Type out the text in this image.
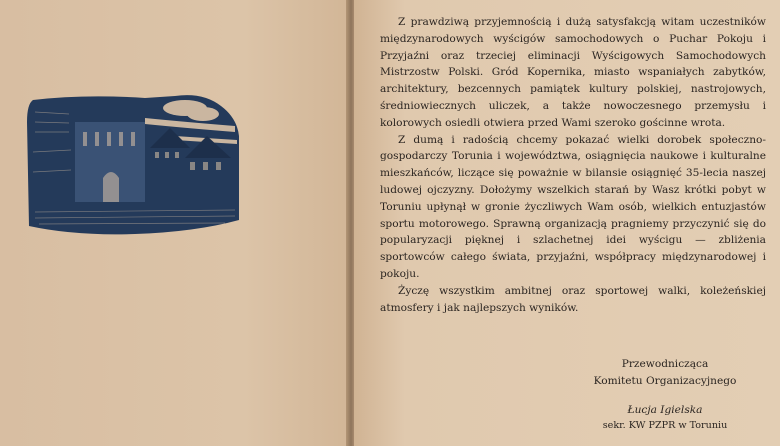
Z prawdziwą przyjemnością i dużą satysfakcją witam uczestników międzynarodowych wyścigów samochodowych o Puchar Pokoju i Przyjaźni oraz trzeciej eliminacji Wyścigowych Samochodowych Mistrzostw Polski. Gród Kopernika, miasto wspaniałych zabytków, architektury, bezcennych pamiątek kultury polskiej, nastrojowych, średniowiecznych uliczek, a także nowoczesnego przemysłu i kolorowych osiedli otwiera przed Wami szeroko gościnne wrota.

Z dumą i radością chcemy pokazać wielki dorobek społeczno-gospodarczy Torunia i województwa, osiągnięcia naukowe i kulturalne mieszkańców, liczące się poważnie w bilansie osiągnięć 35-lecia naszej ludowej ojczyzny. Dołożymy wszelkich starań by Wasz krótki pobyt w Toruniu upłynął w gronie życzliwych Wam osób, wielkich entuzjastów sportu motorowego. Sprawną organizacją pragniemy przyczynić się do popularyzacji pięknej i szlachetnej idei wyścigu — zbliżenia sportowców całego świata, przyjaźni, współpracy międzynarodowej i pokoju.

Życzę wszystkim ambitnej oraz sportowej walki, koleżeńskiej atmosfery i jak najlepszych wyników.

Przewodnicząca
Komitetu Organizacyjnego
Łucja Igielska
sekr. KW PZPR w Toruniu
